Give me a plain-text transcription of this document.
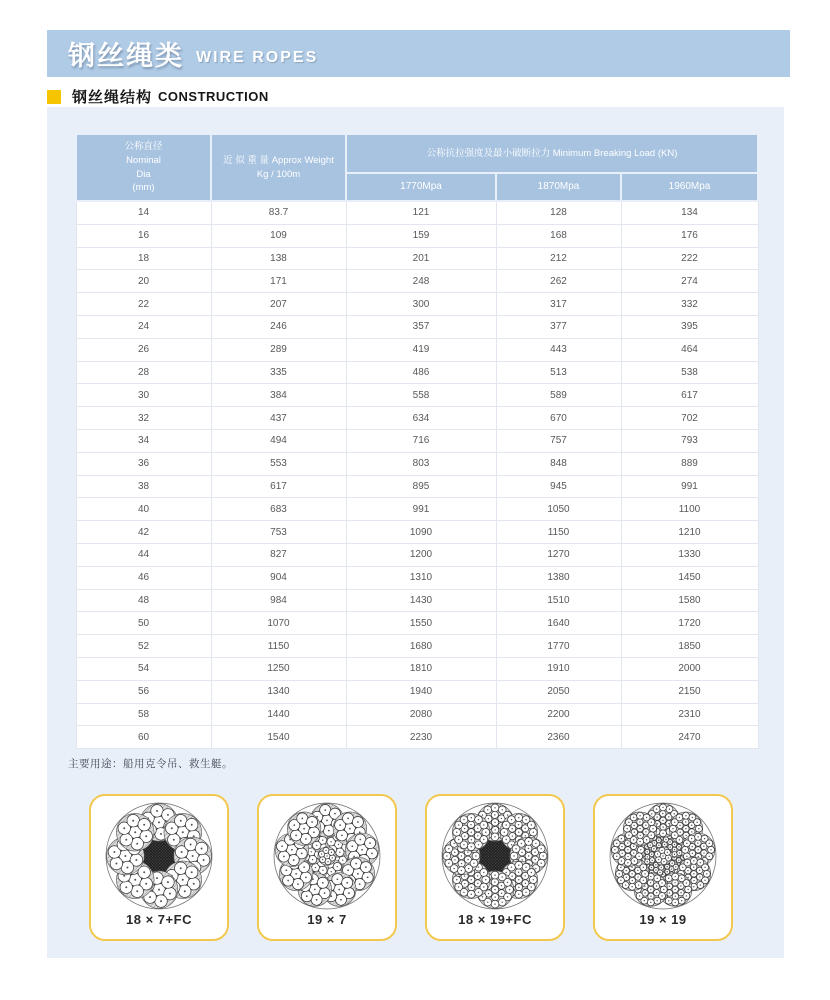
钢丝绳类 WIRE ROPES
钢丝绳结构 CONSTRUCTION
公称直径
Nominal
Dia
(mm)

近 似 重 量 Approx Weight
Kg / 100m
	公称抗拉强度及最小破断拉力 Minimum Breaking Load (KN)
		1770Mpa	1870Mpa	1960Mpa
14	83.7	121	128	134
16	109	159	168	176
18	138	201	212	222
20	171	248	262	274
22	207	300	317	332
24	246	357	377	395
26	289	419	443	464
28	335	486	513	538
30	384	558	589	617
32	437	634	670	702
34	494	716	757	793
36	553	803	848	889
38	617	895	945	991
40	683	991	1050	1100
42	753	1090	1150	1210
44	827	1200	1270	1330
46	904	1310	1380	1450
48	984	1430	1510	1580
50	1070	1550	1640	1720
52	1150	1680	1770	1850
54	1250	1810	1910	2000
56	1340	1940	2050	2150
58	1440	2080	2200	2310
60	1540	2230	2360	2470
主要用途：船用克令吊、救生艇。
18 × 7+FC	19 × 7	18 × 19+FC	19 × 19
